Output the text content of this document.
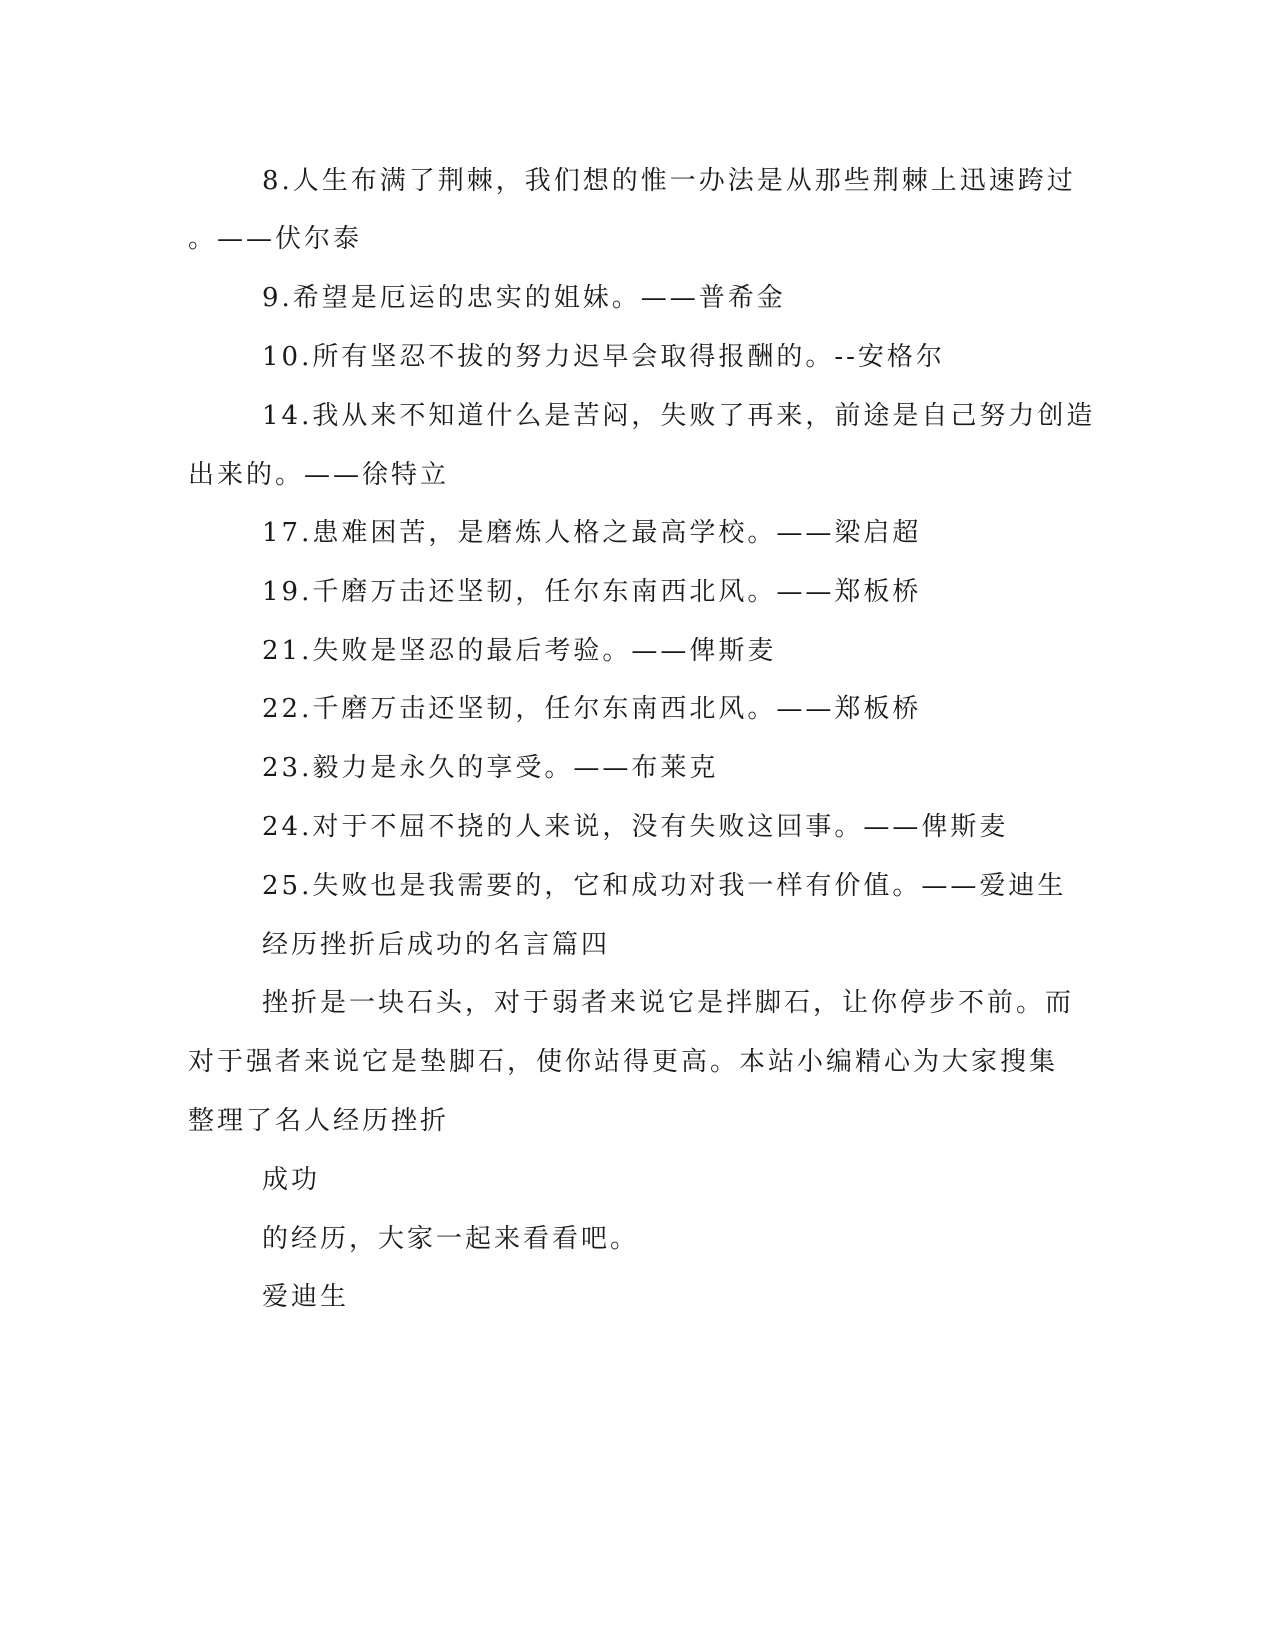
8.人生布满了荆棘，我们想的惟一办法是从那些荆棘上迅速跨过
。——伏尔泰
9.希望是厄运的忠实的姐妹。——普希金
10.所有坚忍不拔的努力迟早会取得报酬的。--安格尔
14.我从来不知道什么是苦闷，失败了再来，前途是自己努力创造
出来的。——徐特立
17.患难困苦，是磨炼人格之最高学校。——梁启超
19.千磨万击还坚韧，任尔东南西北风。——郑板桥
21.失败是坚忍的最后考验。——俾斯麦
22.千磨万击还坚韧，任尔东南西北风。——郑板桥
23.毅力是永久的享受。——布莱克
24.对于不屈不挠的人来说，没有失败这回事。——俾斯麦
25.失败也是我需要的，它和成功对我一样有价值。——爱迪生
经历挫折后成功的名言篇四
挫折是一块石头，对于弱者来说它是拌脚石，让你停步不前。而
对于强者来说它是垫脚石，使你站得更高。本站小编精心为大家搜集
整理了名人经历挫折
成功
的经历，大家一起来看看吧。
爱迪生
